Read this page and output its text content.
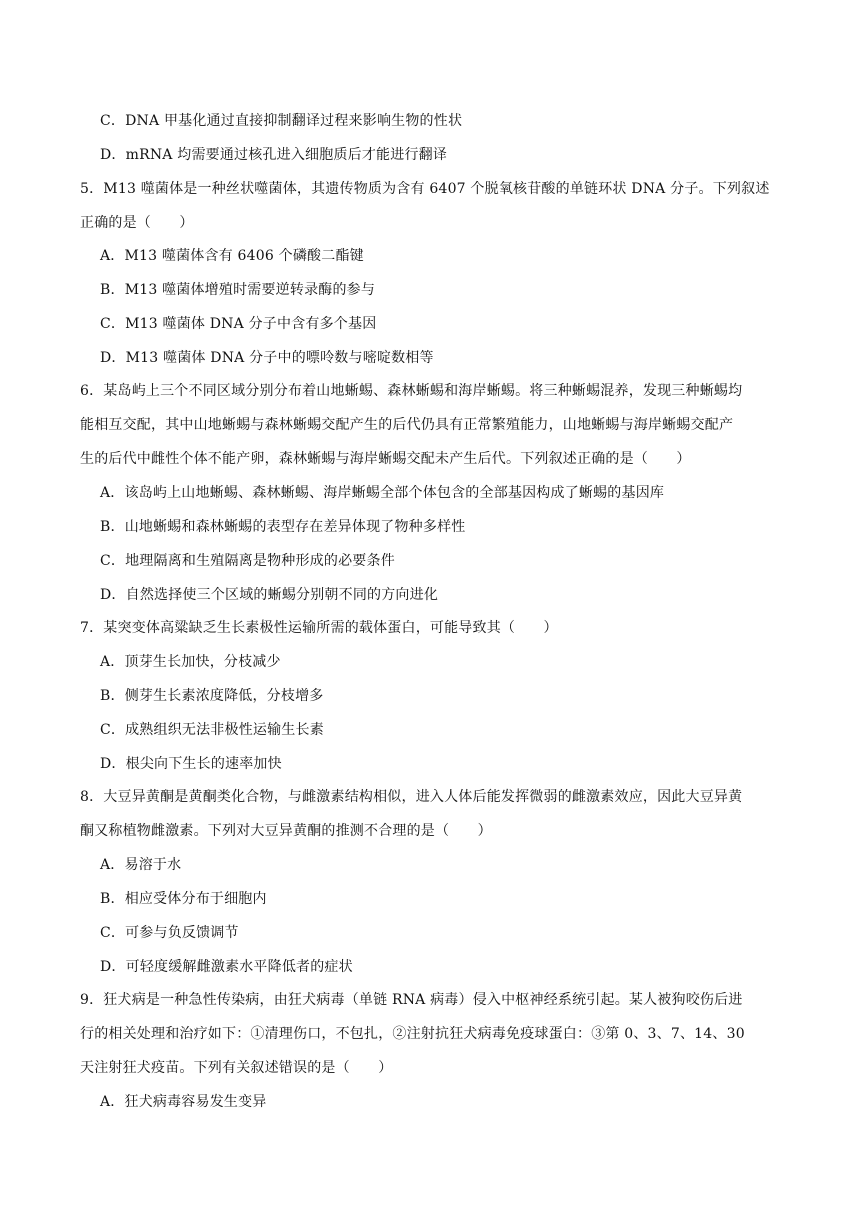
C．DNA 甲基化通过直接抑制翻译过程来影响生物的性状
D．mRNA 均需要通过核孔进入细胞质后才能进行翻译
5．M13 噬菌体是一种丝状噬菌体，其遗传物质为含有 6407 个脱氧核苷酸的单链环状 DNA 分子。下列叙述
正确的是（　　）
A．M13 噬菌体含有 6406 个磷酸二酯键
B．M13 噬菌体增殖时需要逆转录酶的参与
C．M13 噬菌体 DNA 分子中含有多个基因
D．M13 噬菌体 DNA 分子中的嘌呤数与嘧啶数相等
6．某岛屿上三个不同区域分别分布着山地蜥蜴、森林蜥蜴和海岸蜥蜴。将三种蜥蜴混养，发现三种蜥蜴均
能相互交配，其中山地蜥蜴与森林蜥蜴交配产生的后代仍具有正常繁殖能力，山地蜥蜴与海岸蜥蜴交配产
生的后代中雌性个体不能产卵，森林蜥蜴与海岸蜥蜴交配未产生后代。下列叙述正确的是（　　）
A．该岛屿上山地蜥蜴、森林蜥蜴、海岸蜥蜴全部个体包含的全部基因构成了蜥蜴的基因库
B．山地蜥蜴和森林蜥蜴的表型存在差异体现了物种多样性
C．地理隔离和生殖隔离是物种形成的必要条件
D．自然选择使三个区域的蜥蜴分别朝不同的方向进化
7．某突变体高粱缺乏生长素极性运输所需的载体蛋白，可能导致其（　　）
A．顶芽生长加快，分枝减少
B．侧芽生长素浓度降低，分枝增多
C．成熟组织无法非极性运输生长素
D．根尖向下生长的速率加快
8．大豆异黄酮是黄酮类化合物，与雌激素结构相似，进入人体后能发挥微弱的雌激素效应，因此大豆异黄
酮又称植物雌激素。下列对大豆异黄酮的推测不合理的是（　　）
A．易溶于水
B．相应受体分布于细胞内
C．可参与负反馈调节
D．可轻度缓解雌激素水平降低者的症状
9．狂犬病是一种急性传染病，由狂犬病毒（单链 RNA 病毒）侵入中枢神经系统引起。某人被狗咬伤后进
行的相关处理和治疗如下：①清理伤口，不包扎，②注射抗狂犬病毒免疫球蛋白：③第 0、3、7、14、30
天注射狂犬疫苗。下列有关叙述错误的是（　　）
A．狂犬病毒容易发生变异
